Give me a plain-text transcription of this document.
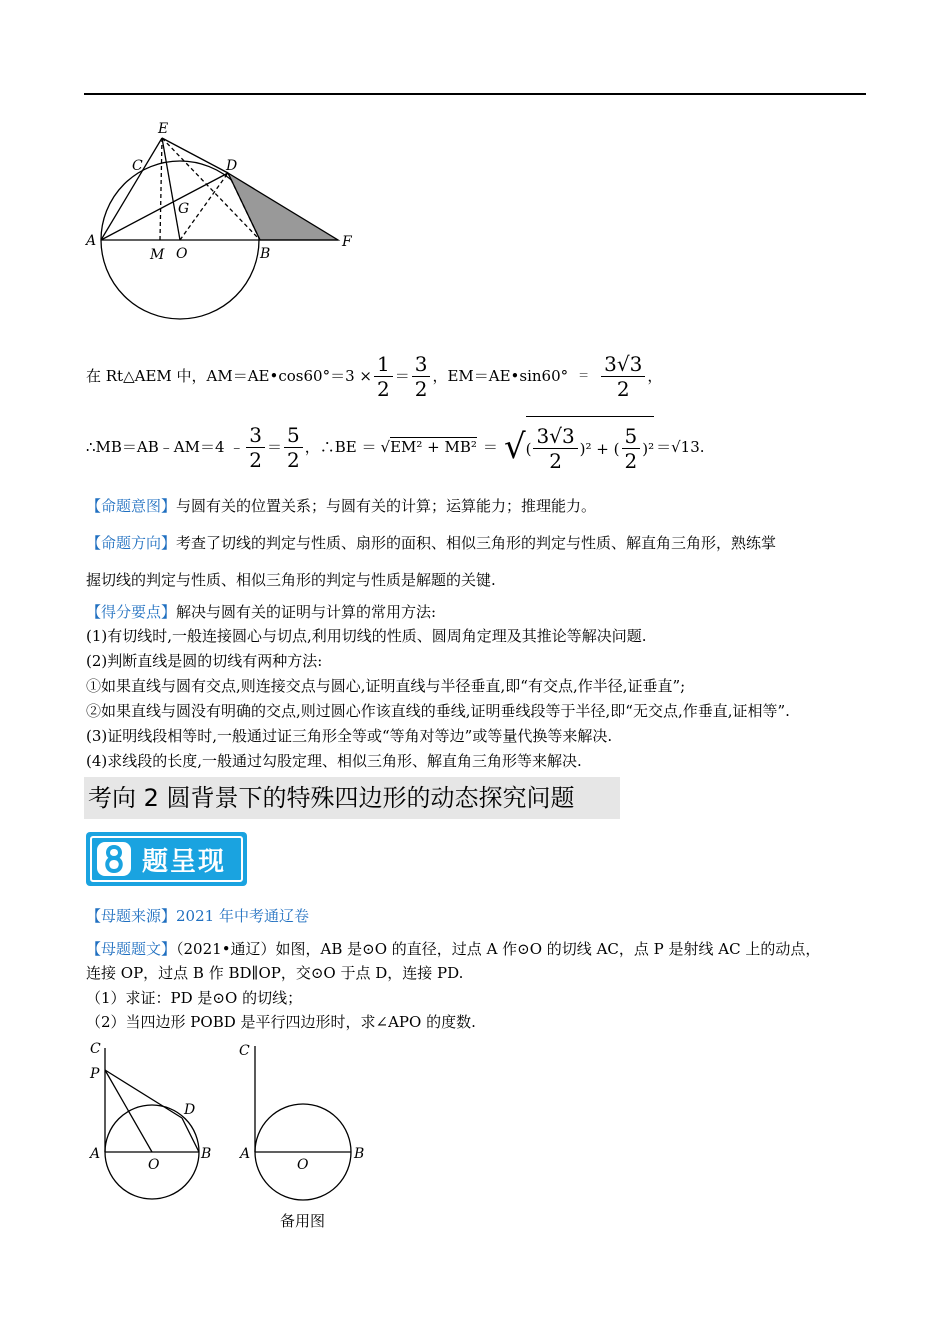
E
C	D
G
A
M O	B
F
在 Rt△AEM 中，AM＝AE•cos60°＝3 × $\frac{1}{2} = \frac{3}{2}$ ，EM＝AE•sin60° ＝ $\frac{3√3}{2}$ ，
∴MB＝AB﹣AM＝4 ﹣ $\frac{3}{2} = \frac{5}{2}$ ，∴BE ＝ √EM² + MB² ＝ √ ( $\frac{3√3}{2} )^2$ + ( $\frac{5}{2} )^2 =√13$.
【命题意图】与圆有关的位置关系；与圆有关的计算；运算能力；推理能力。
【命题方向】考查了切线的判定与性质、扇形的面积、相似三角形的判定与性质、解直角三角形，熟练掌
握切线的判定与性质、相似三角形的判定与性质是解题的关键.
【得分要点】解决与圆有关的证明与计算的常用方法:
(1)有切线时,一般连接圆心与切点,利用切线的性质、圆周角定理及其推论等解决问题.
(2)判断直线是圆的切线有两种方法:
①如果直线与圆有交点,则连接交点与圆心,证明直线与半径垂直,即“有交点,作半径,证垂直”;
②如果直线与圆没有明确的交点,则过圆心作该直线的垂线,证明垂线段等于半径,即“无交点,作垂直,证相等”.
(3)证明线段相等时,一般通过证三角形全等或“等角对等边”或等量代换等来解决.
(4)求线段的长度,一般通过勾股定理、相似三角形、解直角三角形等来解决.
考向 2 圆背景下的特殊四边形的动态探究问题
题呈现
【母题来源】2021 年中考通辽卷
【母题题文】（2021•通辽）如图，AB 是⊙O 的直径，过点 A 作⊙O 的切线 AC，点 P 是射线 AC 上的动点，
连接 OP，过点 B 作 BD∥OP，交⊙O 于点 D，连接 PD.
（1）求证：PD 是⊙O 的切线；
（2）当四边形 POBD 是平行四边形时，求∠APO 的度数.
C
P
D
A
O
B
C
A
O
B
备用图
